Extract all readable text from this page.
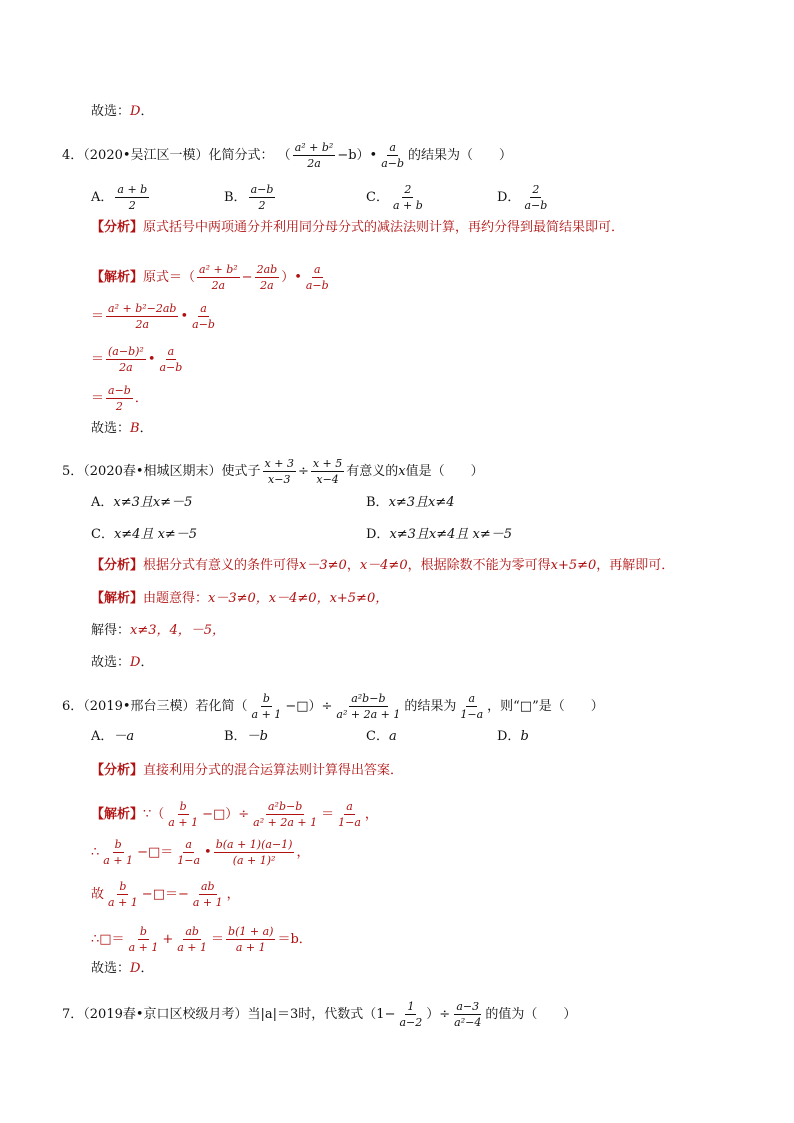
故选：D．
4．（2020•吴江区一模）化简分式： （ $\frac{\text{a² + b²}}{2a}$ −b）• $\frac{a}{a-b}$ 的结果为（　　）
A． $\frac{a + b}{2}$	B． $\frac{a-b}{2}$	C． $\frac{2}{a + b}$	D． $\frac{2}{a-b}$
【分析】原式括号中两项通分并利用同分母分式的减法法则计算，再约分得到最简结果即可．
【解析】原式＝（ $\frac{\text{a² + b²}}{2a} - \frac{2ab}{2a}$ ）• $\frac{a}{a-b}$
＝ $\frac{\text{a² + b²−2ab}}{2a}$ • $\frac{a}{a-b}$
＝ $\frac{\text{(a−b)²}}{2a}$ • $\frac{a}{a-b}$
＝ $\frac{a-b}{2}$ ．
故选：B．
5．（2020春•相城区期末）使式子 $\frac{x + 3}{x-3} \div \frac{x + 5}{x-4}$ 有意义的x值是（　　）
A．x≠3且x≠－5	B．x≠3且x≠4
C．x≠4且 x≠－5	D．x≠3且x≠4且 x≠－5
【分析】根据分式有意义的条件可得x－3≠0，x－4≠0，根据除数不能为零可得x+5≠0，再解即可．
【解析】由题意得：x－3≠0，x－4≠0，x+5≠0，
解得：x≠3，4，－5，
故选：D．
6．（2019•邢台三模）若化简（ $\frac{b}{a + 1}$ −□）÷ $\frac{\text{a²b−b}}{\text{a² + 2a + 1}}$ 的结果为 $\frac{a}{1-a}$ ，则“□”是（　　）
A．－a	B．－b	C．a	D．b
【分析】直接利用分式的混合运算法则计算得出答案．
【解析】∵（ $\frac{b}{a + 1}$ −□）÷ $\frac{\text{a²b−b}}{\text{a² + 2a + 1}} = \frac{a}{1-a}$ ，
∴ $\frac{b}{a + 1}$ −□＝ $\frac{a}{1-a}$ • $\frac{b(a + 1)(a-1)}{\text{(a + 1)²}}$ ，
故 $\frac{b}{a + 1}$ −□＝− $\frac{ab}{a + 1}$ ，
∴□＝ $\frac{b}{a + 1} + \frac{ab}{a + 1} = \frac{b(1 + a)}{a + 1} =b$．
故选：D．
7．（2019春•京口区校级月考）当|a|＝3时，代数式（$1- \frac{1}{a-2}$ ）÷ $\frac{a-3}{\text{a²−4}}$ 的值为（　　）
